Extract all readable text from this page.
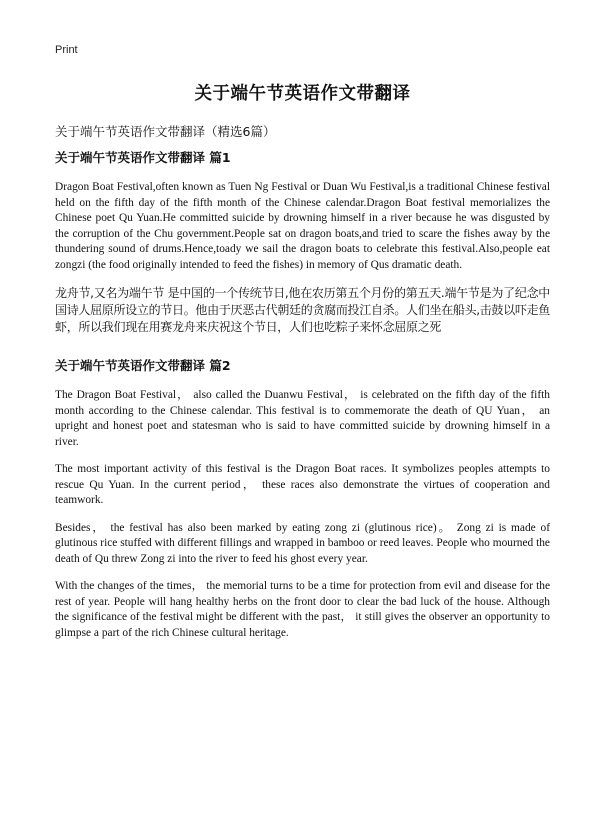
Print
关于端午节英语作文带翻译

关于端午节英语作文带翻译（精选6篇）

关于端午节英语作文带翻译 篇1

Dragon Boat Festival,often known as Tuen Ng Festival or Duan Wu Festival,is a traditional Chinese festival held on the fifth day of the fifth month of the Chinese calendar.Dragon Boat festival memorializes the Chinese poet Qu Yuan.He committed suicide by drowning himself in a river because he was disgusted by the corruption of the Chu government.People sat on dragon boats,and tried to scare the fishes away by the thundering sound of drums.Hence,toady we sail the dragon boats to celebrate this festival.Also,people eat zongzi (the food originally intended to feed the fishes) in memory of Qus dramatic death.

龙舟节,又名为端午节 是中国的一个传统节日,他在农历第五个月份的第五天.端午节是为了纪念中国诗人屈原所设立的节日。他由于厌恶古代朝廷的贪腐而投江自杀。人们坐在船头,击鼓以吓走鱼虾，所以我们现在用赛龙舟来庆祝这个节日，人们也吃粽子来怀念屈原之死

关于端午节英语作文带翻译 篇2

The Dragon Boat Festival， also called the Duanwu Festival， is celebrated on the fifth day of the fifth month according to the Chinese calendar. This festival is to commemorate the death of QU Yuan， an upright and honest poet and statesman who is said to have committed suicide by drowning himself in a river.

The most important activity of this festival is the Dragon Boat races. It symbolizes peoples attempts to rescue Qu Yuan. In the current period， these races also demonstrate the virtues of cooperation and teamwork.

Besides， the festival has also been marked by eating zong zi (glutinous rice)。 Zong zi is made of glutinous rice stuffed with different fillings and wrapped in bamboo or reed leaves. People who mourned the death of Qu threw Zong zi into the river to feed his ghost every year.

With the changes of the times， the memorial turns to be a time for protection from evil and disease for the rest of year. People will hang healthy herbs on the front door to clear the bad luck of the house. Although the significance of the festival might be different with the past， it still gives the observer an opportunity to glimpse a part of the rich Chinese cultural heritage.
